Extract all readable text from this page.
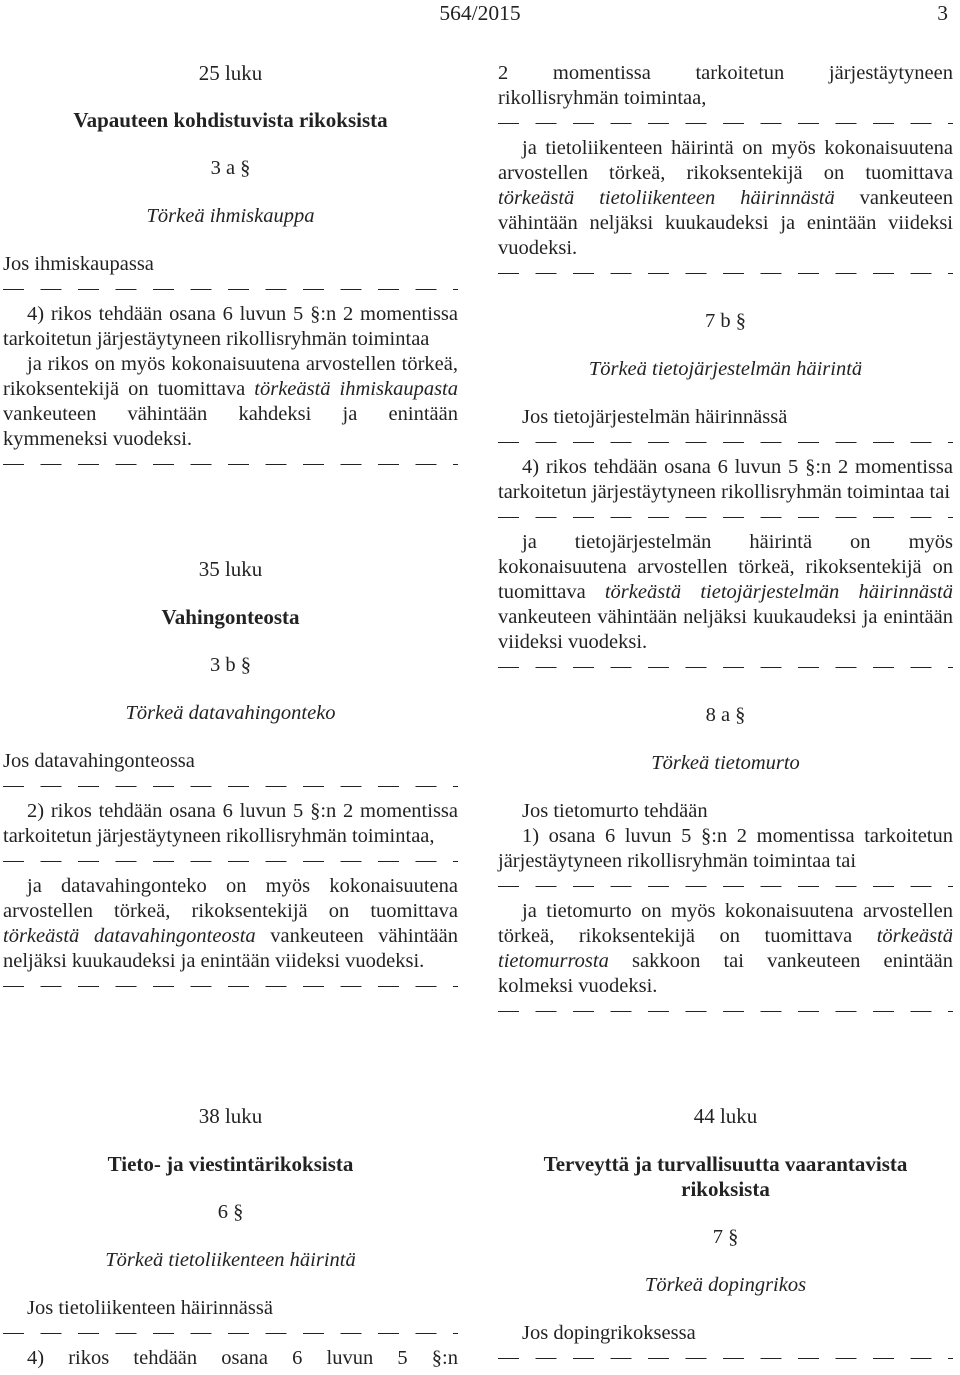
564/2015	3

25 luku

Vapauteen kohdistuvista rikoksista

3 a §

Törkeä ihmiskauppa

Jos ihmiskaupassa

4) rikos tehdään osana 6 luvun 5 §:n 2 momentissa tarkoitetun järjestäytyneen rikollisryhmän toimintaa

ja rikos on myös kokonaisuutena arvostellen törkeä, rikoksentekijä on tuomittava törkeästä ihmiskaupasta vankeuteen vähintään kahdeksi ja enintään kymmeneksi vuodeksi.

35 luku

Vahingonteosta

3 b §

Törkeä datavahingonteko

Jos datavahingonteossa

2) rikos tehdään osana 6 luvun 5 §:n 2 momentissa tarkoitetun järjestäytyneen rikollisryhmän toimintaa,

ja datavahingonteko on myös kokonaisuutena arvostellen törkeä, rikoksentekijä on tuomittava törkeästä datavahingonteosta vankeuteen vähintään neljäksi kuukaudeksi ja enintään viideksi vuodeksi.

2 momentissa tarkoitetun järjestäytyneen rikollisryhmän toimintaa,

ja tietoliikenteen häirintä on myös kokonaisuutena arvostellen törkeä, rikoksentekijä on tuomittava törkeästä tietoliikenteen häirinnästä vankeuteen vähintään neljäksi kuukaudeksi ja enintään viideksi vuodeksi.

7 b §

Törkeä tietojärjestelmän häirintä

Jos tietojärjestelmän häirinnässä

4) rikos tehdään osana 6 luvun 5 §:n 2 momentissa tarkoitetun järjestäytyneen rikollisryhmän toimintaa tai

ja tietojärjestelmän häirintä on myös kokonaisuutena arvostellen törkeä, rikoksentekijä on tuomittava törkeästä tietojärjestelmän häirinnästä vankeuteen vähintään neljäksi kuukaudeksi ja enintään viideksi vuodeksi.

8 a §

Törkeä tietomurto

Jos tietomurto tehdään

1) osana 6 luvun 5 §:n 2 momentissa tarkoitetun järjestäytyneen rikollisryhmän toimintaa tai

ja tietomurto on myös kokonaisuutena arvostellen törkeä, rikoksentekijä on tuomittava törkeästä tietomurrosta sakkoon tai vankeuteen enintään kolmeksi vuodeksi.

38 luku

Tieto- ja viestintärikoksista

6 §

Törkeä tietoliikenteen häirintä

Jos tietoliikenteen häirinnässä

4) rikos tehdään osana 6 luvun 5 §:n

44 luku

Terveyttä ja turvallisuutta vaarantavista rikoksista

7 §

Törkeä dopingrikos

Jos dopingrikoksessa
